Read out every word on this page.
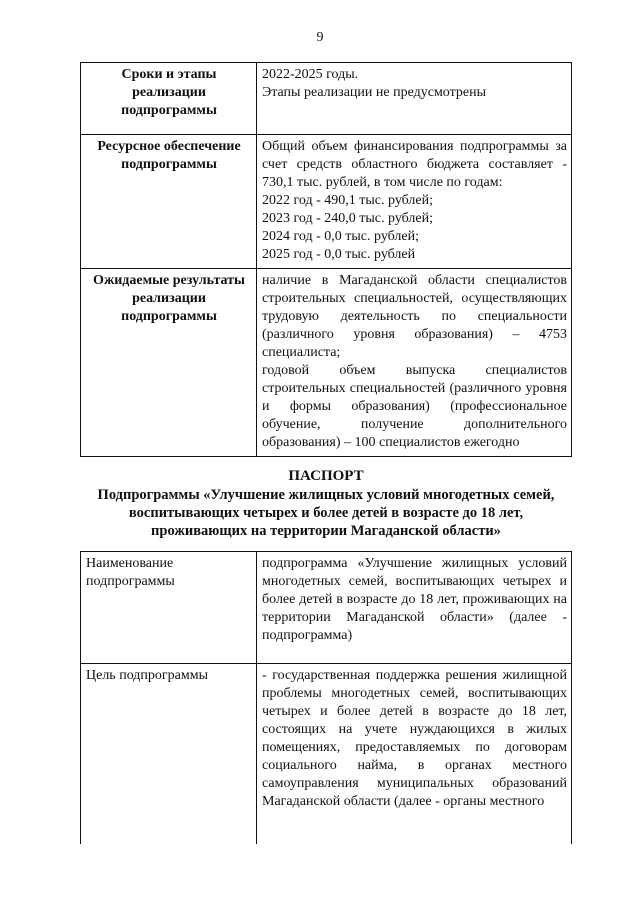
9
Сроки и этапы реализации подпрограммы	2022-2025 годы.
Этапы реализации не предусмотрены

Ресурсное обеспечение подпрограммы	Общий объем финансирования подпрограммы за счет средств областного бюджета составляет - 730,1 тыс. рублей, в том числе по годам:
2022 год - 490,1 тыс. рублей;
2023 год - 240,0 тыс. рублей;
2024 год - 0,0 тыс. рублей;
2025 год - 0,0 тыс. рублей

Ожидаемые результаты реализации подпрограммы	наличие в Магаданской области специалистов строительных специальностей, осуществляющих трудовую деятельность по специальности (различного уровня образования) – 4753 специалиста;
годовой объем выпуска специалистов строительных специальностей (различного уровня и формы образования) (профессиональное обучение, получение дополнительного образования) – 100 специалистов ежегодно
ПАСПОРТ
Подпрограммы «Улучшение жилищных условий многодетных семей, воспитывающих четырех и более детей в возрасте до 18 лет, проживающих на территории Магаданской области»
Наименование подпрограммы	подпрограмма «Улучшение жилищных условий многодетных семей, воспитывающих четырех и более детей в возрасте до 18 лет, проживающих на территории Магаданской области» (далее - подпрограмма)
Цель подпрограммы	- государственная поддержка решения жилищной проблемы многодетных семей, воспитывающих четырех и более детей в возрасте до 18 лет, состоящих на учете нуждающихся в жилых помещениях, предоставляемых по договорам социального найма, в органах местного самоуправления муниципальных образований Магаданской области (далее - органы местного
